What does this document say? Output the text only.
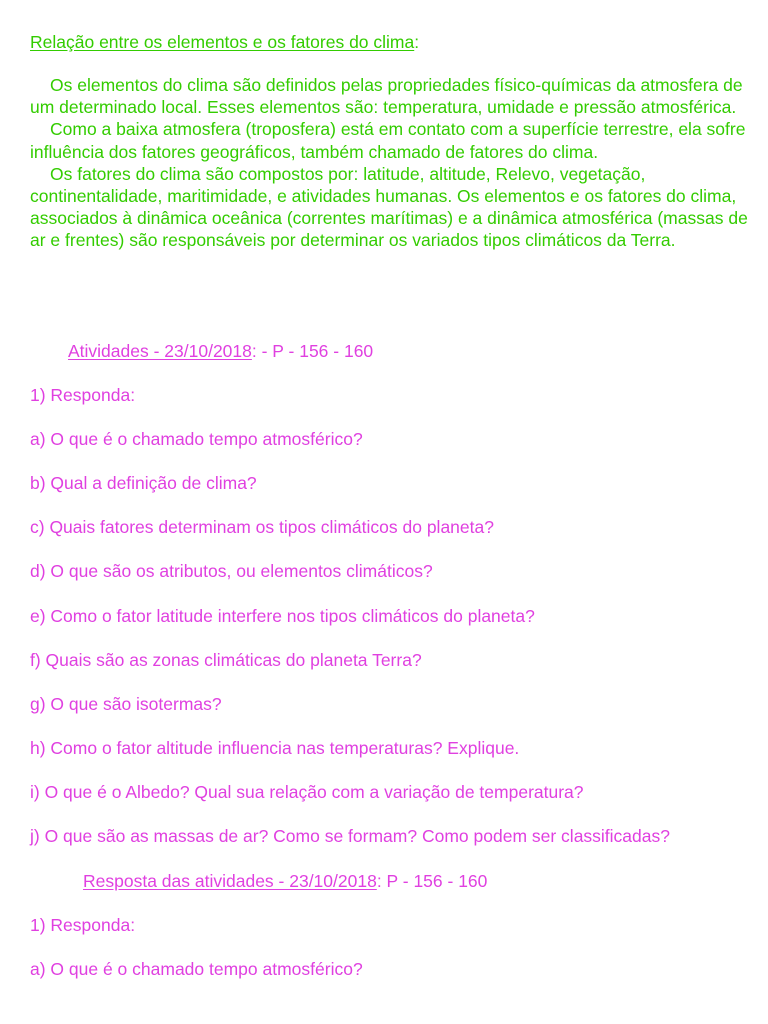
Relação entre os elementos e os fatores do clima:

Os elementos do clima são definidos pelas propriedades físico-químicas da atmosfera de um determinado local. Esses elementos são: temperatura, umidade e pressão atmosférica.

Como a baixa atmosfera (troposfera) está em contato com a superfície terrestre, ela sofre influência dos fatores geográficos, também chamado de fatores do clima.

Os fatores do clima são compostos por: latitude, altitude, Relevo, vegetação, continentalidade, maritimidade, e atividades humanas. Os elementos e os fatores do clima, associados à dinâmica oceânica (correntes marítimas) e a dinâmica atmosférica (massas de ar e frentes) são responsáveis por determinar os variados tipos climáticos da Terra.

Atividades - 23/10/2018: - P - 156 - 160
1) Responda:
a) O que é o chamado tempo atmosférico?
b) Qual a definição de clima?
c) Quais fatores determinam os tipos climáticos do planeta?
d) O que são os atributos, ou elementos climáticos?
e) Como o fator latitude interfere nos tipos climáticos do planeta?
f) Quais são as zonas climáticas do planeta Terra?
g) O que são isotermas?
h) Como o fator altitude influencia nas temperaturas? Explique.
i) O que é o Albedo? Qual sua relação com a variação de temperatura?
j) O que são as massas de ar? Como se formam? Como podem ser classificadas?
Resposta das atividades - 23/10/2018: P - 156 - 160
1) Responda:
a) O que é o chamado tempo atmosférico?
